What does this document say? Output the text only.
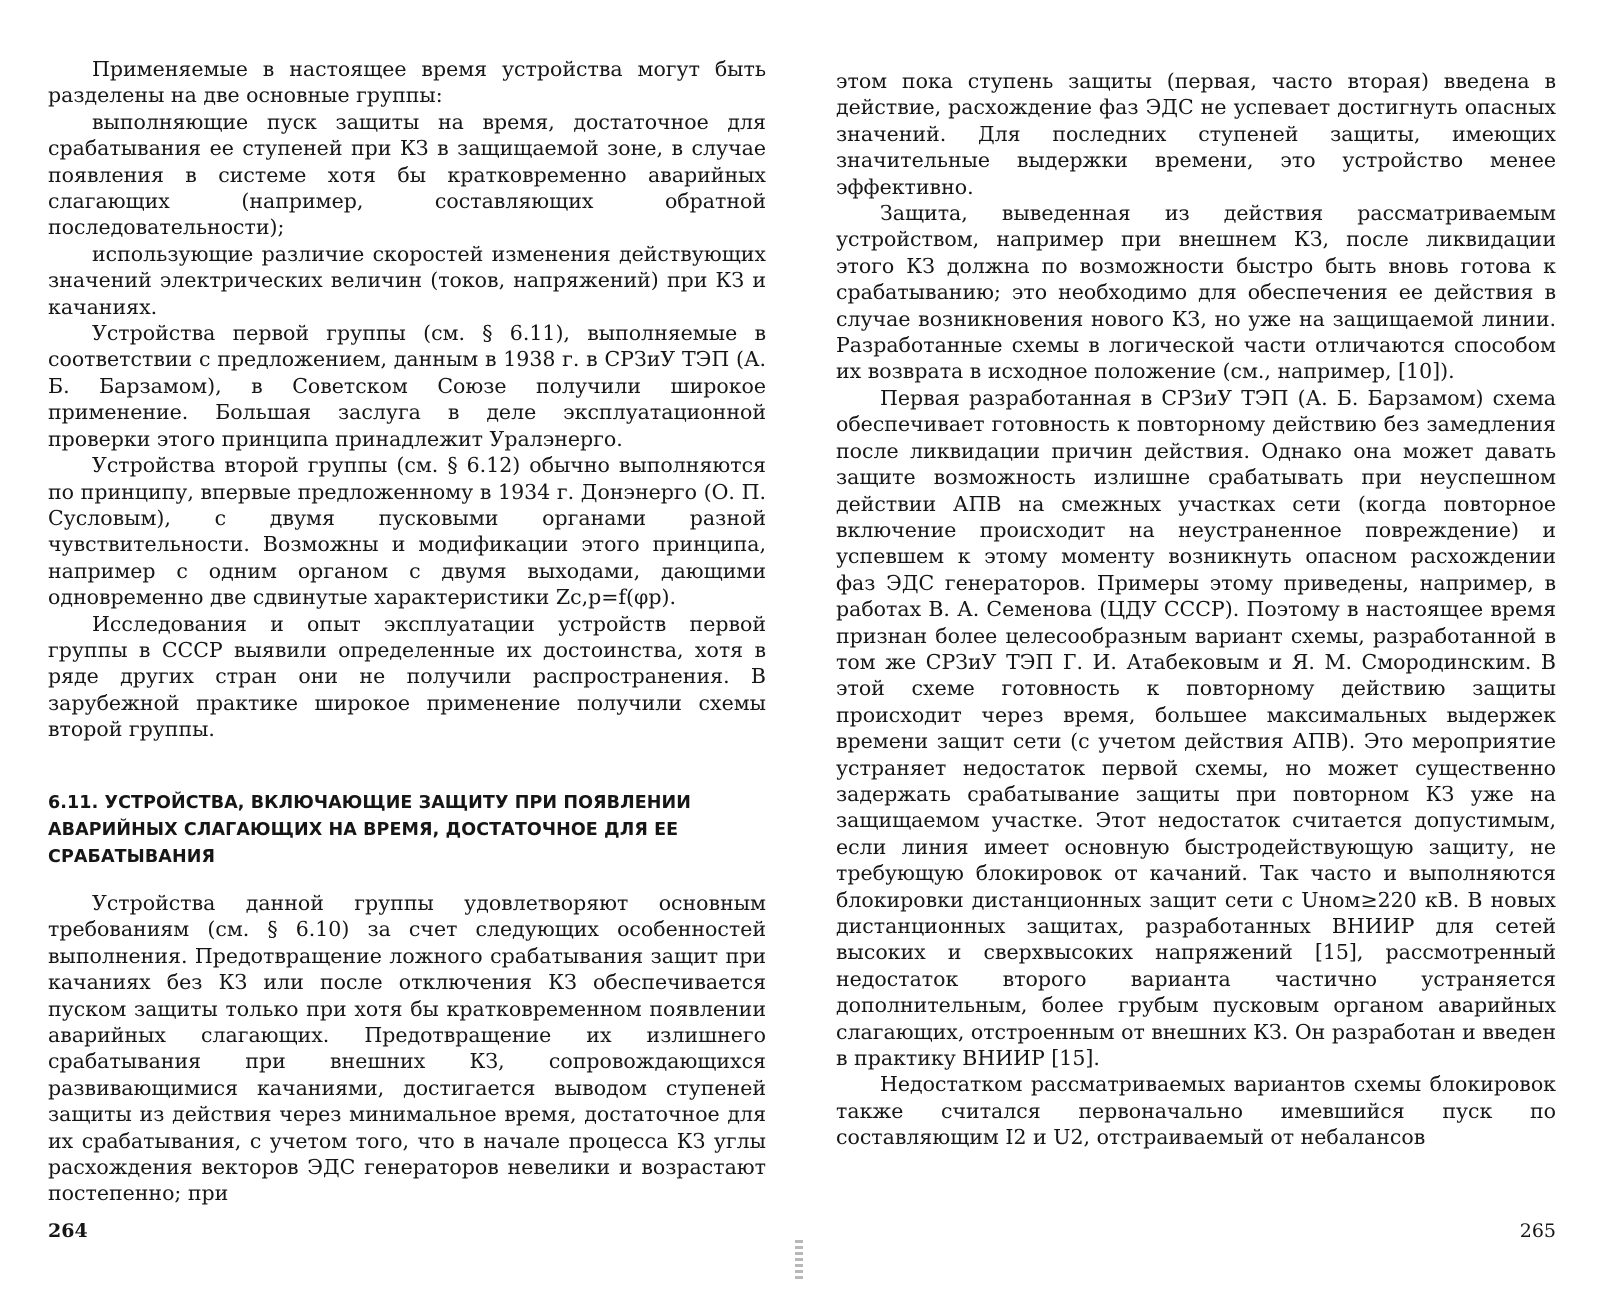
Применяемые в настоящее время устройства могут быть разделены на две основные группы:

выполняющие пуск защиты на время, достаточное для срабатывания ее ступеней при КЗ в защищаемой зоне, в случае появления в системе хотя бы кратковременно аварийных слагающих (например, составляющих обратной последовательности);

использующие различие скоростей изменения действующих значений электрических величин (токов, напряжений) при КЗ и качаниях.

Устройства первой группы (см. § 6.11), выполняемые в соответствии с предложением, данным в 1938 г. в СРЗиУ ТЭП (А. Б. Барзамом), в Советском Союзе получили широкое применение. Большая заслуга в деле эксплуатационной проверки этого принципа принадлежит Уралэнерго.

Устройства второй группы (см. § 6.12) обычно выполняются по принципу, впервые предложенному в 1934 г. Донэнерго (О. П. Сусловым), с двумя пусковыми органами разной чувствительности. Возможны и модификации этого принципа, например с одним органом с двумя выходами, дающими одновременно две сдвинутые характеристики Zс,р=f(φр).

Исследования и опыт эксплуатации устройств первой группы в СССР выявили определенные их достоинства, хотя в ряде других стран они не получили распространения. В зарубежной практике широкое применение получили схемы второй группы.

6.11. УСТРОЙСТВА, ВКЛЮЧАЮЩИЕ ЗАЩИТУ ПРИ ПОЯВЛЕНИИ АВАРИЙНЫХ СЛАГАЮЩИХ НА ВРЕМЯ, ДОСТАТОЧНОЕ ДЛЯ ЕЕ СРАБАТЫВАНИЯ

Устройства данной группы удовлетворяют основным требованиям (см. § 6.10) за счет следующих особенностей выполнения. Предотвращение ложного срабатывания защит при качаниях без КЗ или после отключения КЗ обеспечивается пуском защиты только при хотя бы кратковременном появлении аварийных слагающих. Предотвращение их излишнего срабатывания при внешних КЗ, сопровождающихся развивающимися качаниями, достигается выводом ступеней защиты из действия через минимальное время, достаточное для их срабатывания, с учетом того, что в начале процесса КЗ углы расхождения векторов ЭДС генераторов невелики и возрастают постепенно; при

264

этом пока ступень защиты (первая, часто вторая) введена в действие, расхождение фаз ЭДС не успевает достигнуть опасных значений. Для последних ступеней защиты, имеющих значительные выдержки времени, это устройство менее эффективно.

Защита, выведенная из действия рассматриваемым устройством, например при внешнем КЗ, после ликвидации этого КЗ должна по возможности быстро быть вновь готова к срабатыванию; это необходимо для обеспечения ее действия в случае возникновения нового КЗ, но уже на защищаемой линии. Разработанные схемы в логической части отличаются способом их возврата в исходное положение (см., например, [10]).

Первая разработанная в СРЗиУ ТЭП (А. Б. Барзамом) схема обеспечивает готовность к повторному действию без замедления после ликвидации причин действия. Однако она может давать защите возможность излишне срабатывать при неуспешном действии АПВ на смежных участках сети (когда повторное включение происходит на неустраненное повреждение) и успевшем к этому моменту возникнуть опасном расхождении фаз ЭДС генераторов. Примеры этому приведены, например, в работах В. А. Семенова (ЦДУ СССР). Поэтому в настоящее время признан более целесообразным вариант схемы, разработанной в том же СРЗиУ ТЭП Г. И. Атабековым и Я. М. Смородинским. В этой схеме готовность к повторному действию защиты происходит через время, большее максимальных выдержек времени защит сети (с учетом действия АПВ). Это мероприятие устраняет недостаток первой схемы, но может существенно задержать срабатывание защиты при повторном КЗ уже на защищаемом участке. Этот недостаток считается допустимым, если линия имеет основную быстродействующую защиту, не требующую блокировок от качаний. Так часто и выполняются блокировки дистанционных защит сети с Uном≥220 кВ. В новых дистанционных защитах, разработанных ВНИИР для сетей высоких и сверхвысоких напряжений [15], рассмотренный недостаток второго варианта частично устраняется дополнительным, более грубым пусковым органом аварийных слагающих, отстроенным от внешних КЗ. Он разработан и введен в практику ВНИИР [15].

Недостатком рассматриваемых вариантов схемы блокировок также считался первоначально имевшийся пуск по составляющим I2 и U2, отстраиваемый от небалансов

265
